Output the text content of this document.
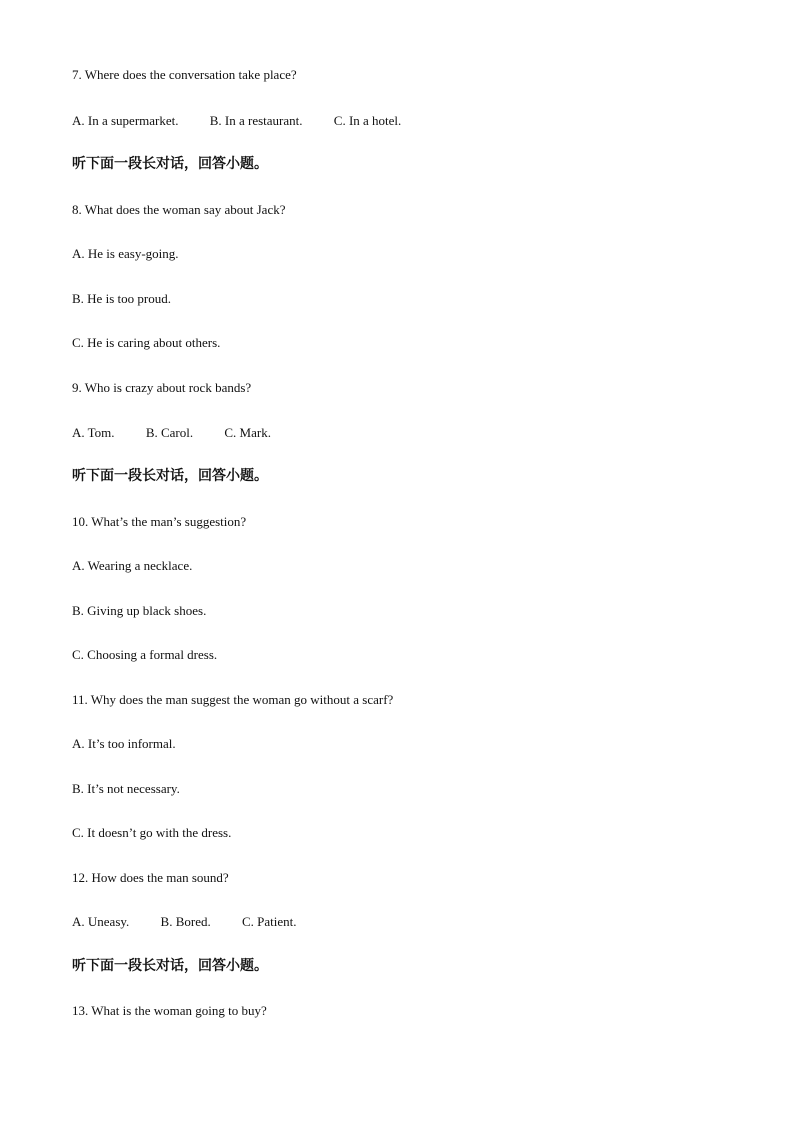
7. Where does the conversation take place?
A. In a supermarket. B. In a restaurant. C. In a hotel.
听下面一段长对话，回答小题。
8. What does the woman say about Jack?
A. He is easy-going.
B. He is too proud.
C. He is caring about others.
9. Who is crazy about rock bands?
A. Tom. B. Carol. C. Mark.
听下面一段长对话，回答小题。
10. What’s the man’s suggestion?
A. Wearing a necklace.
B. Giving up black shoes.
C. Choosing a formal dress.
11. Why does the man suggest the woman go without a scarf?
A. It’s too informal.
B. It’s not necessary.
C. It doesn’t go with the dress.
12. How does the man sound?
A. Uneasy. B. Bored. C. Patient.
听下面一段长对话，回答小题。
13. What is the woman going to buy?
